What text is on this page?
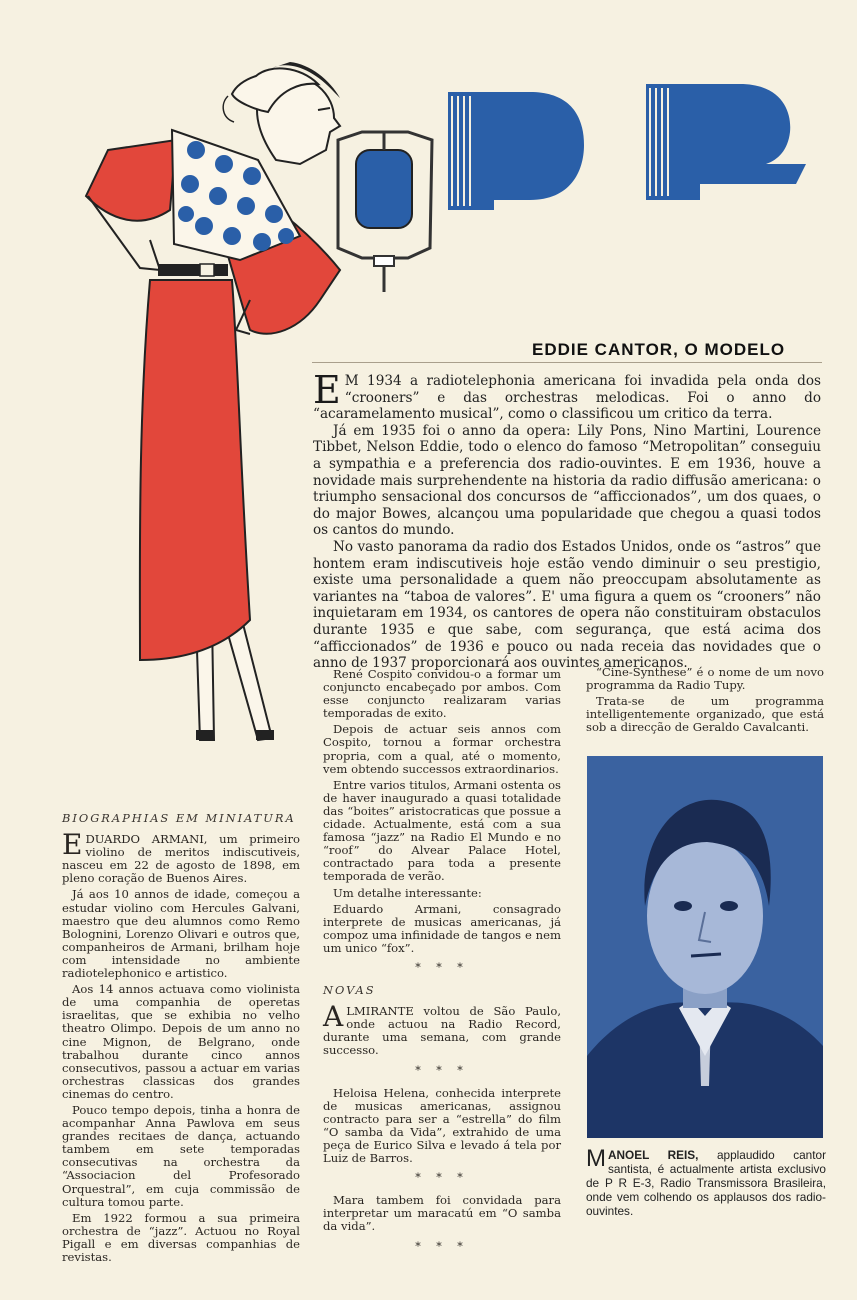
EDDIE CANTOR, O MODELO

E M 1934 a radiotelephonia americana foi invadida pela onda dos “crooners” e das orchestras melodicas. Foi o anno do “acaramelamento musical”, como o classificou um critico da terra.

Já em 1935 foi o anno da opera: Lily Pons, Nino Martini, Lourence Tibbet, Nelson Eddie, todo o elenco do famoso “Metropolitan” conseguiu a sympathia e a preferencia dos radio-ouvintes. E em 1936, houve a novidade mais surprehendente na historia da radio diffusão americana: o triumpho sensacional dos concursos de “afficcionados”, um dos quaes, o do major Bowes, alcançou uma popularidade que chegou a quasi todos os cantos do mundo.

No vasto panorama da radio dos Estados Unidos, onde os “astros” que hontem eram indiscutiveis hoje estão vendo diminuir o seu prestigio, existe uma personalidade a quem não preoccupam absolutamente as variantes na “taboa de valores”. E' uma figura a quem os “crooners” não inquietaram em 1934, os cantores de opera não constituiram obstaculos durante 1935 e que sabe, com segurança, que está acima dos “afficcionados” de 1936 e pouco ou nada receia das novidades que o anno de 1937 proporcionará aos ouvintes americanos.

BIOGRAPHIAS EM MINIATURA

EDUARDO ARMANI, um primeiro violino de meritos indiscutiveis, nasceu em 22 de agosto de 1898, em pleno coração de Buenos Aires.

Já aos 10 annos de idade, começou a estudar violino com Hercules Galvani, maestro que deu alumnos como Remo Bolognini, Lorenzo Olivari e outros que, companheiros de Armani, brilham hoje com intensidade no ambiente radiotelephonico e artistico.

Aos 14 annos actuava como violinista de uma companhia de operetas israelitas, que se exhibia no velho theatro Olimpo. Depois de um anno no cine Mignon, de Belgrano, onde trabalhou durante cinco annos consecutivos, passou a actuar em varias orchestras classicas dos grandes cinemas do centro.

Pouco tempo depois, tinha a honra de acompanhar Anna Pawlova em seus grandes recitaes de dança, actuando tambem em sete temporadas consecutivas na orchestra da “Associacion del Profesorado Orquestral”, em cuja commissão de cultura tomou parte.

Em 1922 formou a sua primeira orchestra de “jazz”. Actuou no Royal Pigall e em diversas companhias de revistas.

René Cospito convidou-o a formar um conjuncto encabeçado por ambos. Com esse conjuncto realizaram varias temporadas de exito.

Depois de actuar seis annos com Cospito, tornou a formar orchestra propria, com a qual, até o momento, vem obtendo successos extraordinarios.

Entre varios titulos, Armani ostenta os de haver inaugurado a quasi totalidade das “boites” aristocraticas que possue a cidade. Actualmente, está com a sua famosa “jazz” na Radio El Mundo e no “roof” do Alvear Palace Hotel, contractado para toda a presente temporada de verão.

Um detalhe interessante:

Eduardo Armani, consagrado interprete de musicas americanas, já compoz uma infinidade de tangos e nem um unico “fox”.

* * *
NOVAS

ALMIRANTE voltou de São Paulo, onde actuou na Radio Record, durante uma semana, com grande successo.

* * *

Heloisa Helena, conhecida interprete de musicas americanas, assignou contracto para ser a “estrella” do film “O samba da Vida”, extrahido de uma peça de Eurico Silva e levado á tela por Luiz de Barros.

* * *

Mara tambem foi convidada para interpretar um maracatú em “O samba da vida”.

* * *

“Cine-Synthese” é o nome de um novo programma da Radio Tupy.

Trata-se de um programma intelligentemente organizado, que está sob a direcção de Geraldo Cavalcanti.

MANOEL REIS, applaudido cantor santista, é actualmente artista exclusivo de P R E-3, Radio Transmissora Brasileira, onde vem colhendo os applausos dos radio-ouvintes.
